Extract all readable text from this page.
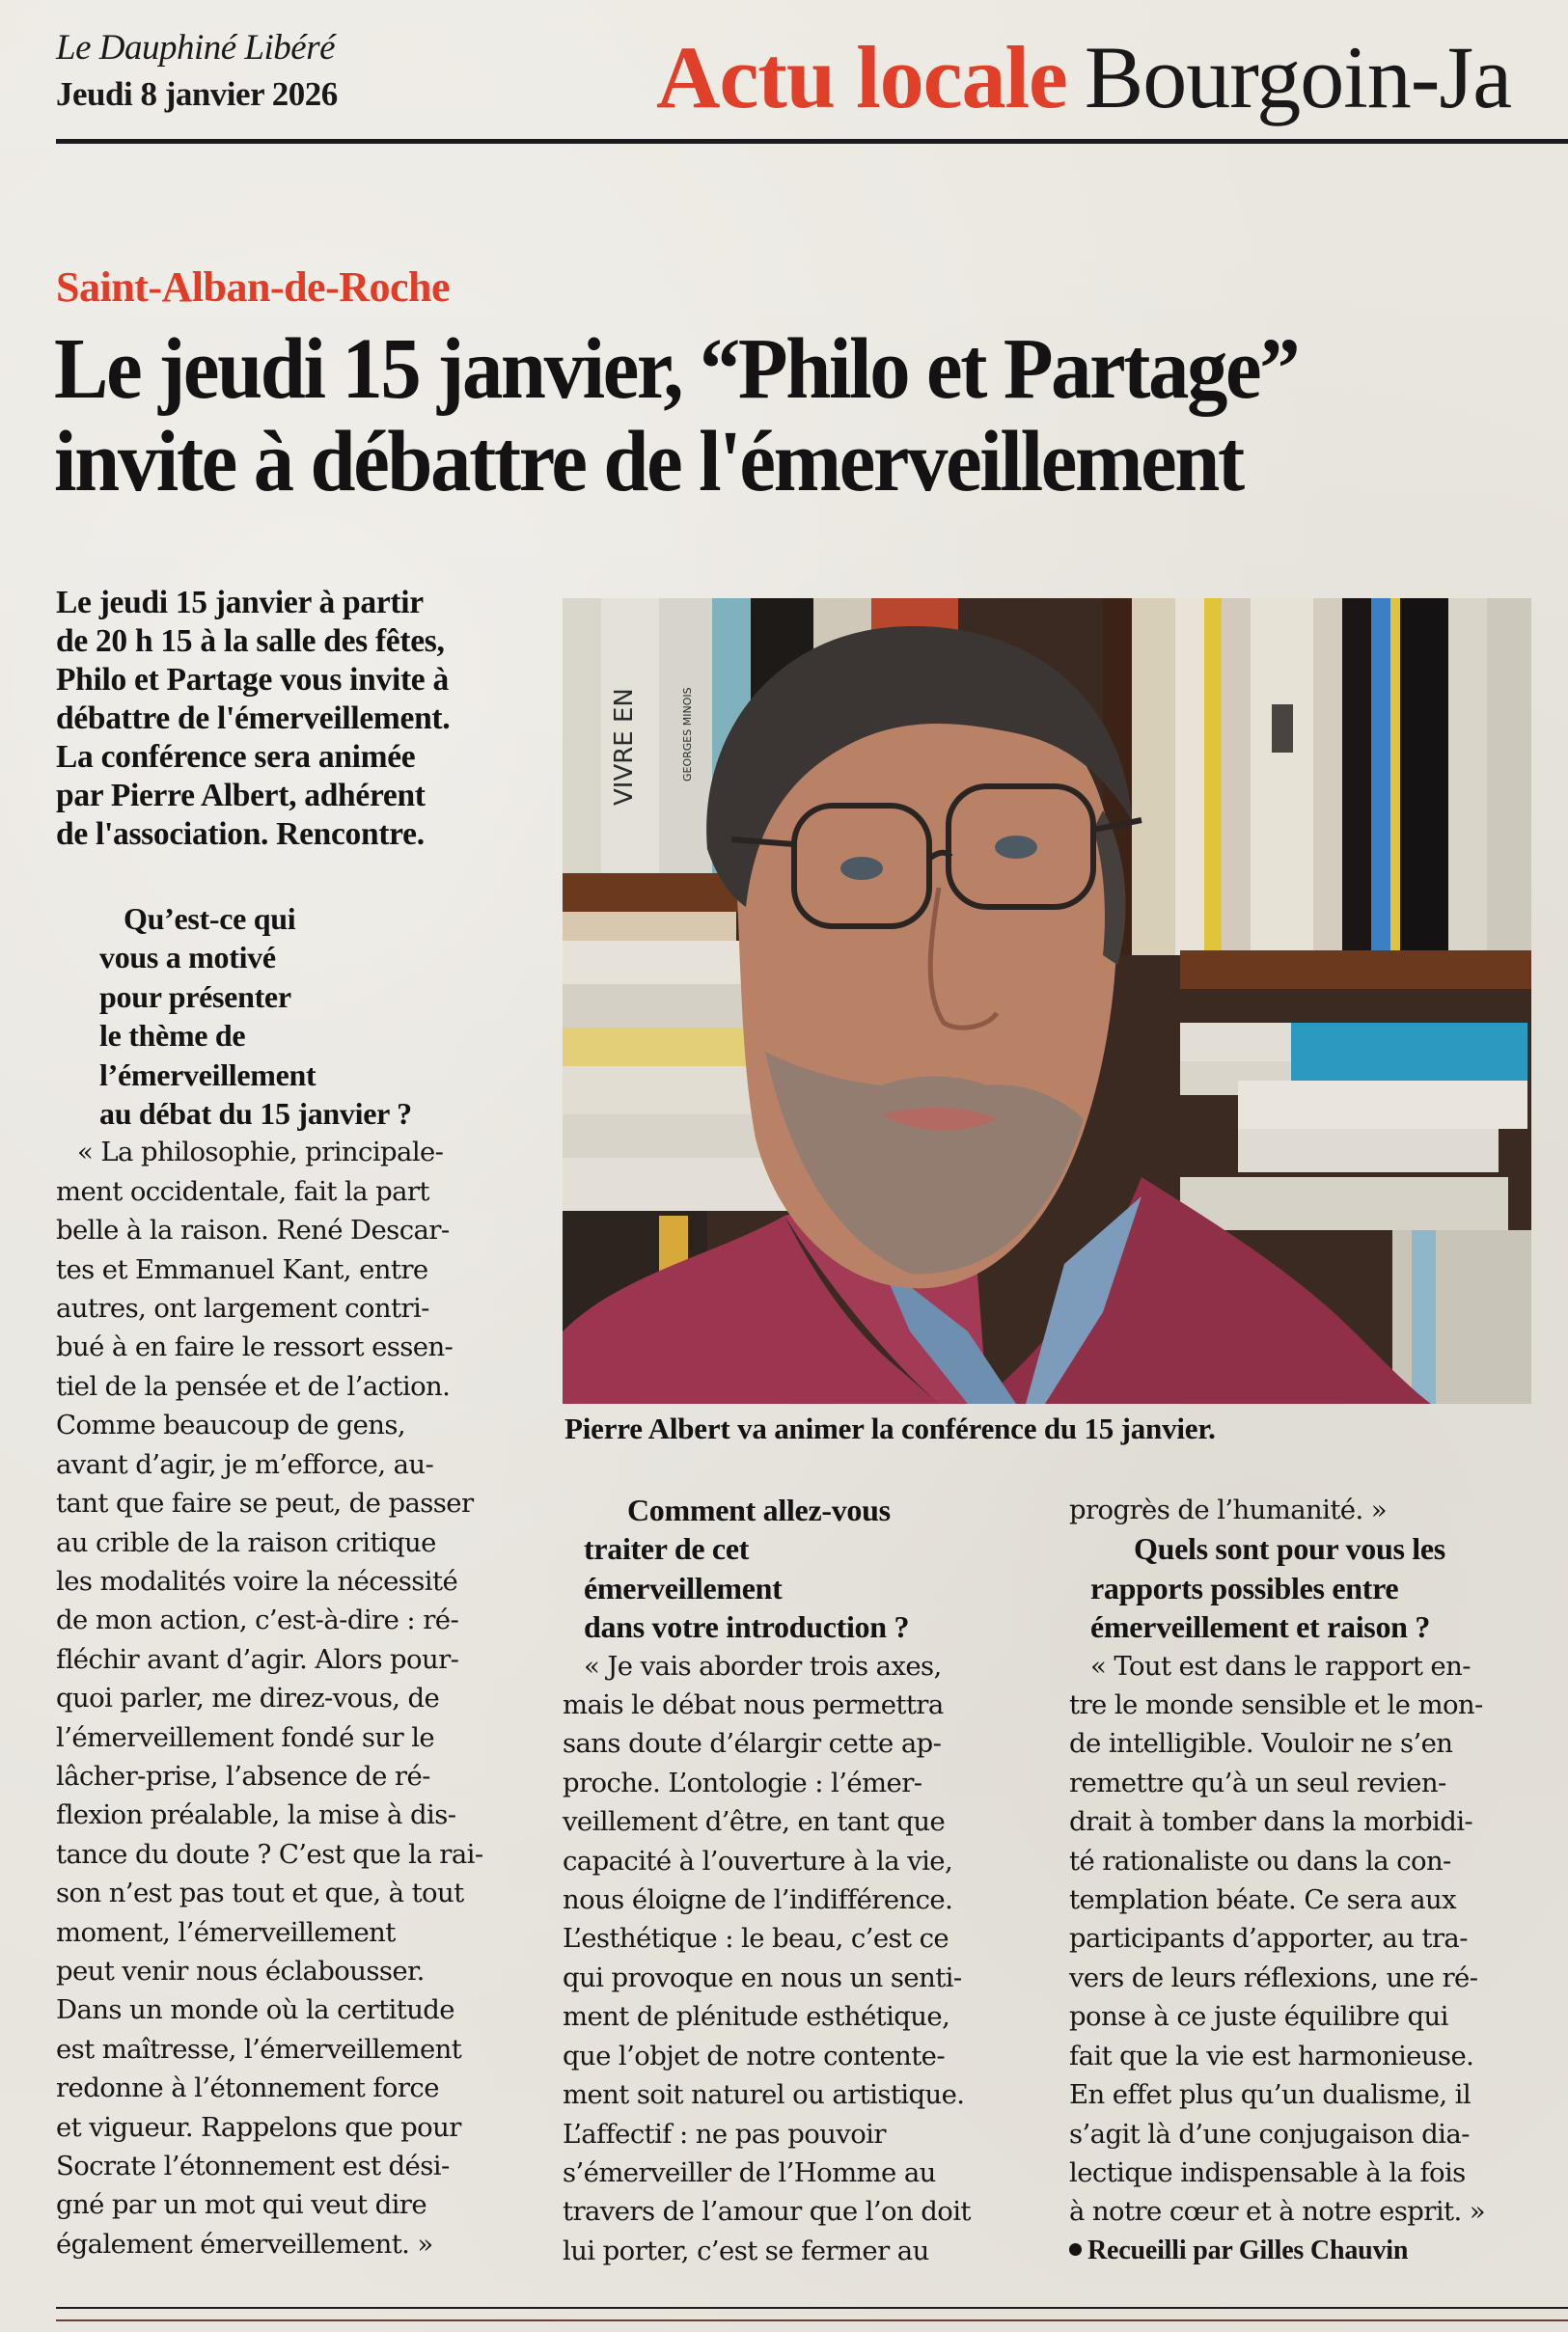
Le Dauphiné Libéré
Jeudi 8 janvier 2026	Actu locale Bourgoin-Ja
Saint-Alban-de-Roche
Le jeudi 15 janvier, “Philo et Partage”
invite à débattre de l'émerveillement
Le jeudi 15 janvier à partir
de 20 h 15 à la salle des fêtes,
Philo et Partage vous invite à
débattre de l'émerveillement.
La conférence sera animée
par Pierre Albert, adhérent
de l'association. Rencontre.
VIVRE EN	GEORGES MINOIS
Pierre Albert va animer la conférence du 15 janvier.
Qu’est-ce qui
vous a motivé
pour présenter
le thème de
l’émerveillement
au débat du 15 janvier ?
« La philosophie, principale-
ment occidentale, fait la part
belle à la raison. René Descar-
tes et Emmanuel Kant, entre
autres, ont largement contri-
bué à en faire le ressort essen-
tiel de la pensée et de l’action.
Comme beaucoup de gens,
avant d’agir, je m’efforce, au-
tant que faire se peut, de passer
au crible de la raison critique
les modalités voire la nécessité
de mon action, c’est-à-dire : ré-
fléchir avant d’agir. Alors pour-
quoi parler, me direz-vous, de
l’émerveillement fondé sur le
lâcher-prise, l’absence de ré-
flexion préalable, la mise à dis-
tance du doute ? C’est que la rai-
son n’est pas tout et que, à tout
moment, l’émerveillement
peut venir nous éclabousser.
Dans un monde où la certitude
est maîtresse, l’émerveillement
redonne à l’étonnement force
et vigueur. Rappelons que pour
Socrate l’étonnement est dési-
gné par un mot qui veut dire
également émerveillement. »
Comment allez-vous
traiter de cet
émerveillement
dans votre introduction ?
« Je vais aborder trois axes,
mais le débat nous permettra
sans doute d’élargir cette ap-
proche. L’ontologie : l’émer-
veillement d’être, en tant que
capacité à l’ouverture à la vie,
nous éloigne de l’indifférence.
L’esthétique : le beau, c’est ce
qui provoque en nous un senti-
ment de plénitude esthétique,
que l’objet de notre contente-
ment soit naturel ou artistique.
L’affectif : ne pas pouvoir
s’émerveiller de l’Homme au
travers de l’amour que l’on doit
lui porter, c’est se fermer au
progrès de l’humanité. »
Quels sont pour vous les
rapports possibles entre
émerveillement et raison ?
« Tout est dans le rapport en-
tre le monde sensible et le mon-
de intelligible. Vouloir ne s’en
remettre qu’à un seul revien-
drait à tomber dans la morbidi-
té rationaliste ou dans la con-
templation béate. Ce sera aux
participants d’apporter, au tra-
vers de leurs réflexions, une ré-
ponse à ce juste équilibre qui
fait que la vie est harmonieuse.
En effet plus qu’un dualisme, il
s’agit là d’une conjugaison dia-
lectique indispensable à la fois
à notre cœur et à notre esprit. »
Recueilli par Gilles Chauvin
